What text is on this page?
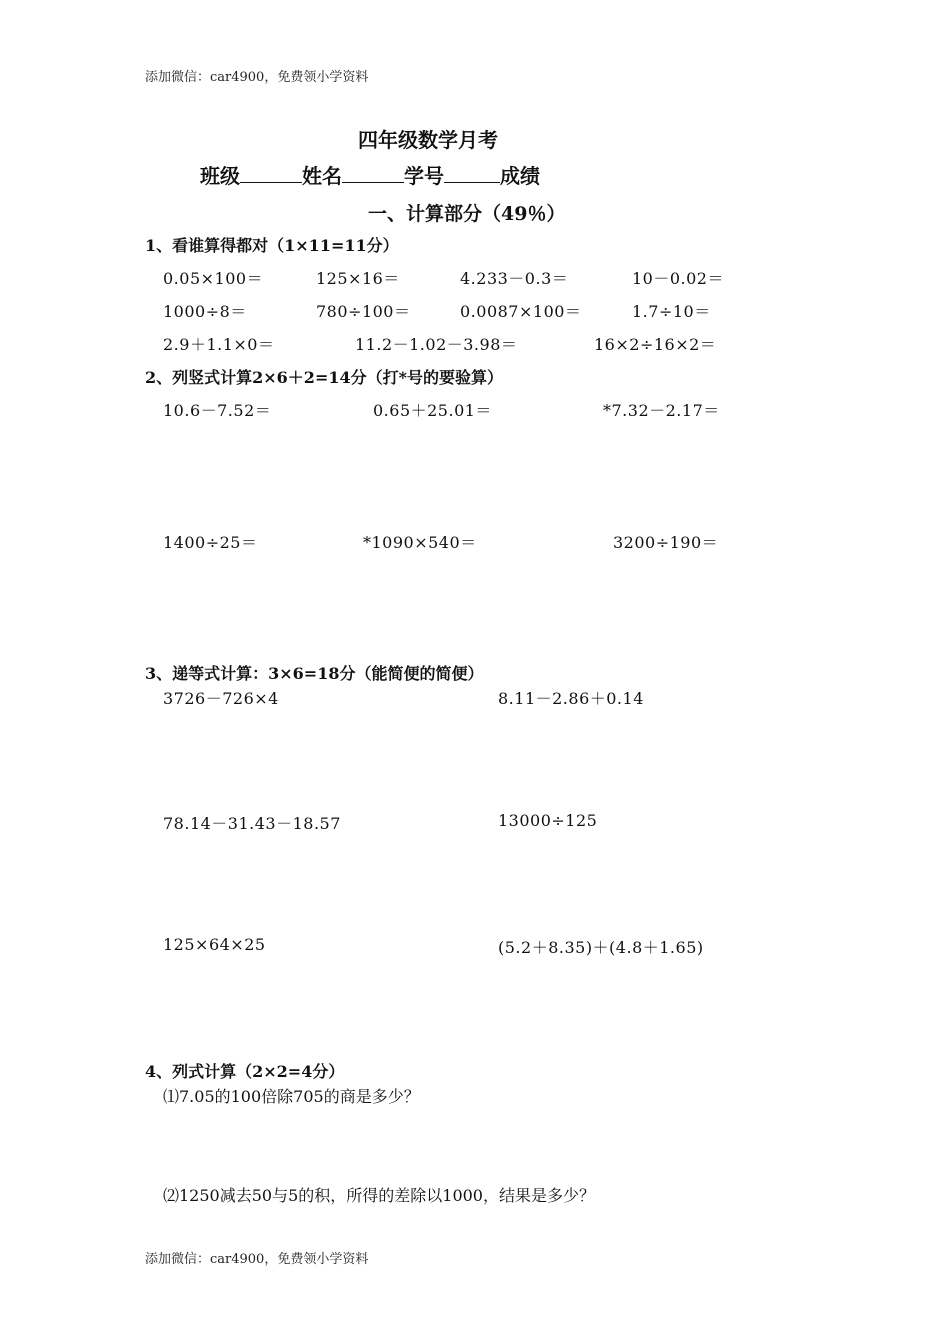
添加微信：car4900，免费领小学资料
四年级数学月考
班级	姓名	学号	成绩
一、计算部分（49％）
1、看谁算得都对（1×11=11分）
0.05×100＝	125×16＝	4.233－0.3＝	10－0.02＝
1000÷8＝	780÷100＝	0.0087×100＝	1.7÷10＝
2.9＋1.1×0＝	11.2－1.02－3.98＝	16×2÷16×2＝
2、列竖式计算2×6＋2=14分（打*号的要验算）
10.6－7.52＝	0.65＋25.01＝	*7.32－2.17＝
1400÷25＝	*1090×540＝	3200÷190＝
3、递等式计算：3×6=18分（能简便的简便）
3726－726×4	8.11－2.86＋0.14
78.14－31.43－18.57	13000÷125
125×64×25	(5.2＋8.35)＋(4.8＋1.65)
4、列式计算（2×2=4分）
⑴7.05的100倍除705的商是多少？
⑵1250减去50与5的积，所得的差除以1000，结果是多少？
添加微信：car4900，免费领小学资料
